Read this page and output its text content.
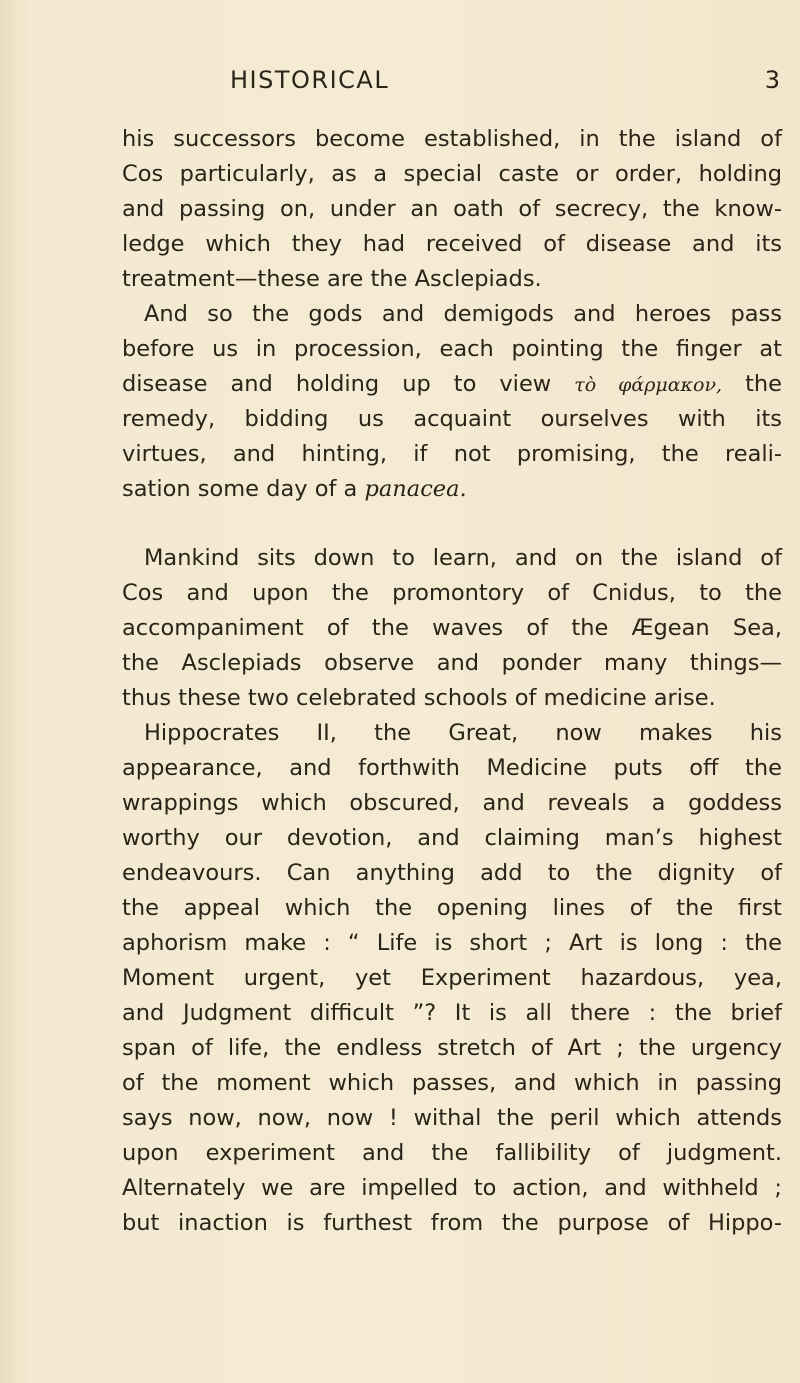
HISTORICAL	3
his successors become established, in the island of
Cos particularly, as a special caste or order, holding
and passing on, under an oath of secrecy, the know-
ledge which they had received of disease and its
treatment—these are the Asclepiads.
And so the gods and demigods and heroes pass
before us in procession, each pointing the finger at
disease and holding up to view τὸ φάρμακον, the
remedy, bidding us acquaint ourselves with its
virtues, and hinting, if not promising, the reali-
sation some day of a panacea.
Mankind sits down to learn, and on the island of
Cos and upon the promontory of Cnidus, to the
accompaniment of the waves of the Ægean Sea,
the Asclepiads observe and ponder many things—
thus these two celebrated schools of medicine arise.
Hippocrates II, the Great, now makes his
appearance, and forthwith Medicine puts off the
wrappings which obscured, and reveals a goddess
worthy our devotion, and claiming man’s highest
endeavours. Can anything add to the dignity of
the appeal which the opening lines of the first
aphorism make : “ Life is short ; Art is long : the
Moment urgent, yet Experiment hazardous, yea,
and Judgment difficult ”? It is all there : the brief
span of life, the endless stretch of Art ; the urgency
of the moment which passes, and which in passing
says now, now, now ! withal the peril which attends
upon experiment and the fallibility of judgment.
Alternately we are impelled to action, and withheld ;
but inaction is furthest from the purpose of Hippo-
